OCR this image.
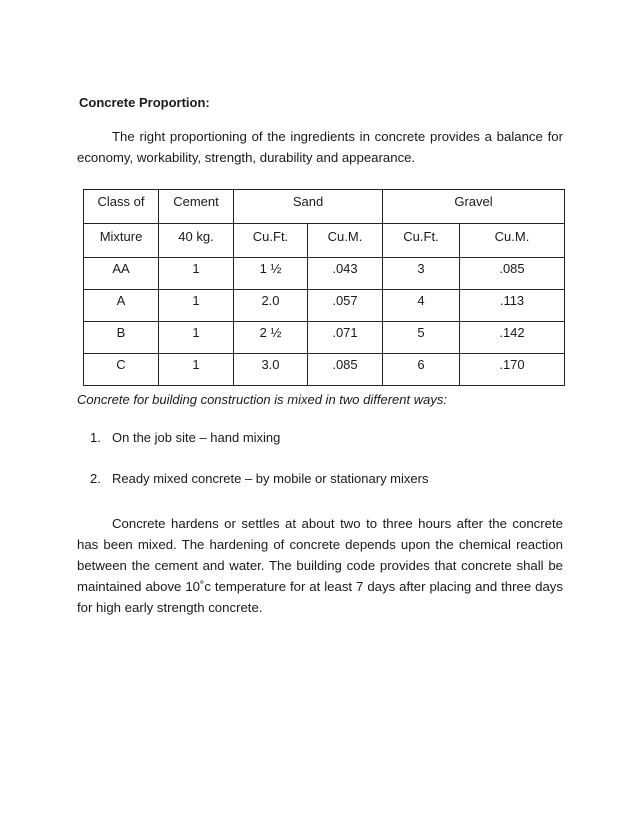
Concrete Proportion:

The right proportioning of the ingredients in concrete provides a balance for economy, workability, strength, durability and appearance.

Class of	Cement	Sand		Gravel	
Mixture	40 kg.	Cu.Ft.	Cu.M.	Cu.Ft.	Cu.M.
AA	1	1 ½	.043	3	.085
A	1	2.0	.057	4	.113
B	1	2 ½	.071	5	.142
C	1	3.0	.085	6	.170

Concrete for building construction is mixed in two different ways:

1. On the job site – hand mixing
2. Ready mixed concrete – by mobile or stationary mixers

Concrete hardens or settles at about two to three hours after the concrete has been mixed. The hardening of concrete depends upon the chemical reaction between the cement and water. The building code provides that concrete shall be maintained above 10˚c temperature for at least 7 days after placing and three days for high early strength concrete.
